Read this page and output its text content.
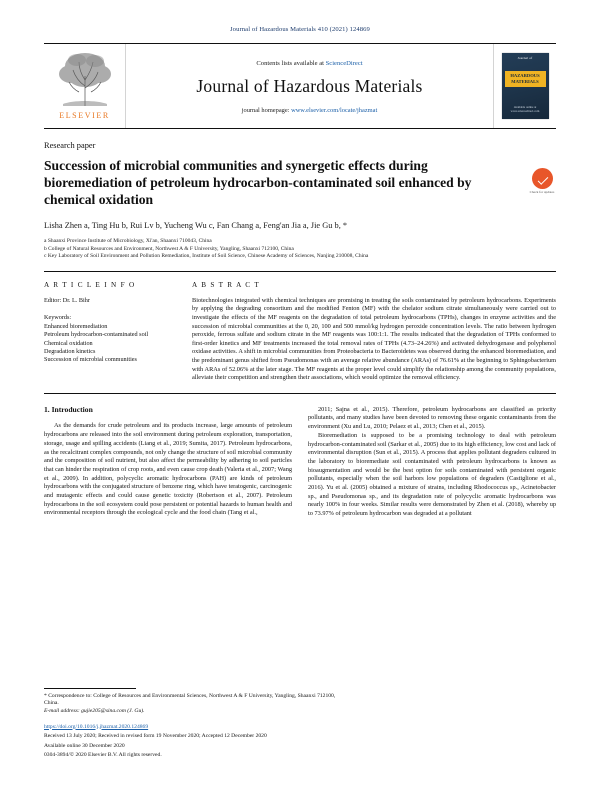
Journal of Hazardous Materials 410 (2021) 124869
ELSEVIER
Contents lists available at ScienceDirect
Journal of Hazardous Materials
journal homepage: www.elsevier.com/locate/jhazmat
Journal of
HAZARDOUS
MATERIALS
Available online at www.sciencedirect.com
Research paper
Succession of microbial communities and synergetic effects during bioremediation of petroleum hydrocarbon-contaminated soil enhanced by chemical oxidation
Lisha Zhen a, Ting Hu b, Rui Lv b, Yucheng Wu c, Fan Chang a, Feng'an Jia a, Jie Gu b, *
a Shaanxi Province Institute of Microbiology, Xi'an, Shaanxi 710043, China
b College of Natural Resources and Environment, Northwest A & F University, Yangling, Shaanxi 712100, China
c Key Laboratory of Soil Environment and Pollution Remediation, Institute of Soil Science, Chinese Academy of Sciences, Nanjing 210008, China
Check for updates
A R T I C L E I N F O
Editor: Dr. L. Bihr
Keywords:
Enhanced bioremediation
Petroleum hydrocarbon-contaminated soil
Chemical oxidation
Degradation kinetics
Succession of microbial communities
A B S T R A C T
Biotechnologies integrated with chemical techniques are promising in treating the soils contaminated by petroleum hydrocarbons. Experiments by applying the degrading consortium and the modified Fenton (MF) with the chelator sodium citrate simultaneously were carried out to investigate the effects of the MF reagents on the degradation of total petroleum hydrocarbons (TPHs), changes in enzyme activities and the succession of microbial communities at the 0, 20, 100 and 500 mmol/kg hydrogen peroxide concentration levels. The ratio between hydrogen peroxide, ferrous sulfate and sodium citrate in the MF reagents was 100:1:1. The results indicated that the degradation of TPHs conformed to first-order kinetics and MF treatments increased the total removal rates of TPHs (4.73–24.26%) and activated dehydrogenase and polyphenol oxidase activities. A shift in microbial communities from Proteobacteria to Bacteroidetes was observed during the enhanced bioremediation, and the predominant genus shifted from Pseudomonas with an average relative abundance (ARAs) of 76.61% at the beginning to Sphingobacterium with ARAs of 52.06% at the later stage. The MF reagents at the proper level could simplify the relationship among the community populations, alleviate their competition and strengthen their associations, which would optimize the removal efficiency.
1. Introduction

As the demands for crude petroleum and its products increase, large amounts of petroleum hydrocarbons are released into the soil environment during petroleum exploration, transportation, storage, usage and spilling accidents (Liang et al., 2019; Sumita, 2017). Petroleum hydrocarbons, as the recalcitrant complex compounds, not only change the structure of soil microbial community and the composition of soil nutrient, but also affect the permeability by adhering to soil particles that can hinder the respiration of crop roots, and even cause crop death (Valeria et al., 2007; Wang et al., 2009). In addition, polycyclic aromatic hydrocarbons (PAH) are kinds of petroleum hydrocarbons with the conjugated structure of benzene ring, which have teratogenic, carcinogenic and mutagenic effects and could cause genetic toxicity (Robertson et al., 2007). Petroleum hydrocarbons in the soil ecosystem could pose persistent or potential hazards to human health and environmental receptors through the ecological cycle and the food chain (Tang et al.,

2011; Sajna et al., 2015). Therefore, petroleum hydrocarbons are classified as priority pollutants, and many studies have been devoted to removing these organic contaminants from the environment (Xu and Lu, 2010; Pelaez et al., 2013; Chen et al., 2015).

Bioremediation is supposed to be a promising technology to deal with petroleum hydrocarbon-contaminated soil (Sarkar et al., 2005) due to its high efficiency, low cost and lack of environmental disruption (Sun et al., 2015). A process that applies pollutant degraders cultured in the laboratory to bioremediate soil contaminated with petroleum hydrocarbons is known as bioaugmentation and would be the best option for soils contaminated with persistent organic pollutants, especially when the soil harbors low populations of degraders (Castiglione et al., 2016). Yu et al. (2005) obtained a mixture of strains, including Rhodococcus sp., Acinetobacter sp., and Pseudomonas sp., and its degradation rate of polycyclic aromatic hydrocarbons was nearly 100% in four weeks. Similar results were demonstrated by Zhen et al. (2018), whereby up to 73.97% of petroleum hydrocarbon was degraded at a pollutant

* Correspondence to: College of Resources and Environmental Sciences, Northwest A & F University, Yangling, Shaanxi 712100, China.
E-mail address: gujie205@sina.com (J. Gu).
https://doi.org/10.1016/j.jhazmat.2020.124869
Received 13 July 2020; Received in revised form 19 November 2020; Accepted 12 December 2020
Available online 30 December 2020
0304-3894/© 2020 Elsevier B.V. All rights reserved.
